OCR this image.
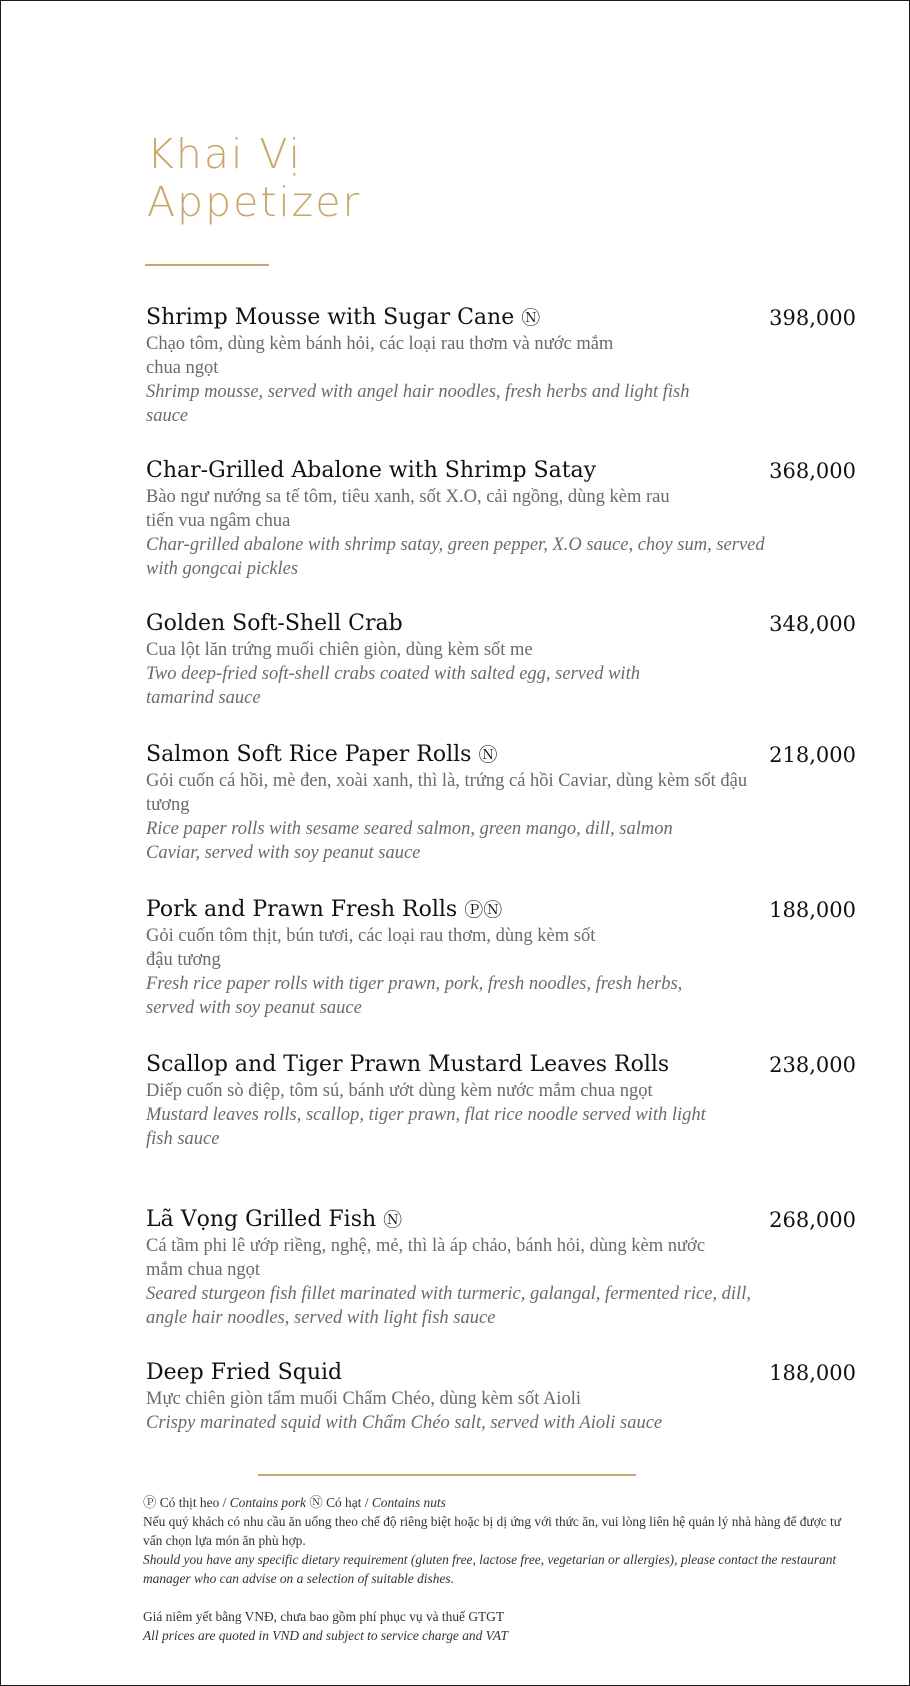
Khai Vị
Appetizer
Shrimp Mousse with Sugar Cane Ⓝ	398,000
Chạo tôm, dùng kèm bánh hỏi, các loại rau thơm và nước mắm chua ngọt
Shrimp mousse, served with angel hair noodles, fresh herbs and light fish sauce
Char-Grilled Abalone with Shrimp Satay	368,000
Bào ngư nướng sa tế tôm, tiêu xanh, sốt X.O, cải ngồng, dùng kèm rau tiến vua ngâm chua
Char-grilled abalone with shrimp satay, green pepper, X.O sauce, choy sum, served with gongcai pickles
Golden Soft-Shell Crab	348,000
Cua lột lăn trứng muối chiên giòn, dùng kèm sốt me
Two deep-fried soft-shell crabs coated with salted egg, served with tamarind sauce
Salmon Soft Rice Paper Rolls Ⓝ	218,000
Gỏi cuốn cá hồi, mè đen, xoài xanh, thì là, trứng cá hồi Caviar, dùng kèm sốt đậu tương
Rice paper rolls with sesame seared salmon, green mango, dill, salmon Caviar, served with soy peanut sauce
Pork and Prawn Fresh Rolls ⓅⓃ	188,000
Gỏi cuốn tôm thịt, bún tươi, các loại rau thơm, dùng kèm sốt đậu tương
Fresh rice paper rolls with tiger prawn, pork, fresh noodles, fresh herbs, served with soy peanut sauce
Scallop and Tiger Prawn Mustard Leaves Rolls	238,000
Diếp cuốn sò điệp, tôm sú, bánh ướt dùng kèm nước mắm chua ngọt
Mustard leaves rolls, scallop, tiger prawn, flat rice noodle served with light fish sauce
Lã Vọng Grilled Fish Ⓝ	268,000
Cá tầm phi lê ướp riềng, nghệ, mẻ, thì là áp chảo, bánh hỏi, dùng kèm nước mắm chua ngọt
Seared sturgeon fish fillet marinated with turmeric, galangal, fermented rice, dill, angle hair noodles, served with light fish sauce
Deep Fried Squid	188,000
Mực chiên giòn tẩm muối Chẩm Chéo, dùng kèm sốt Aioli
Crispy marinated squid with Chẩm Chéo salt, served with Aioli sauce
Ⓟ Có thịt heo / Contains pork Ⓝ Có hạt / Contains nuts
Nếu quý khách có nhu cầu ăn uống theo chế độ riêng biệt hoặc bị dị ứng với thức ăn, vui lòng liên hệ quản lý nhà hàng để được tư vấn chọn lựa món ăn phù hợp.
Should you have any specific dietary requirement (gluten free, lactose free, vegetarian or allergies), please contact the restaurant manager who can advise on a selection of suitable dishes.
Giá niêm yết bằng VNĐ, chưa bao gồm phí phục vụ và thuế GTGT
All prices are quoted in VND and subject to service charge and VAT
